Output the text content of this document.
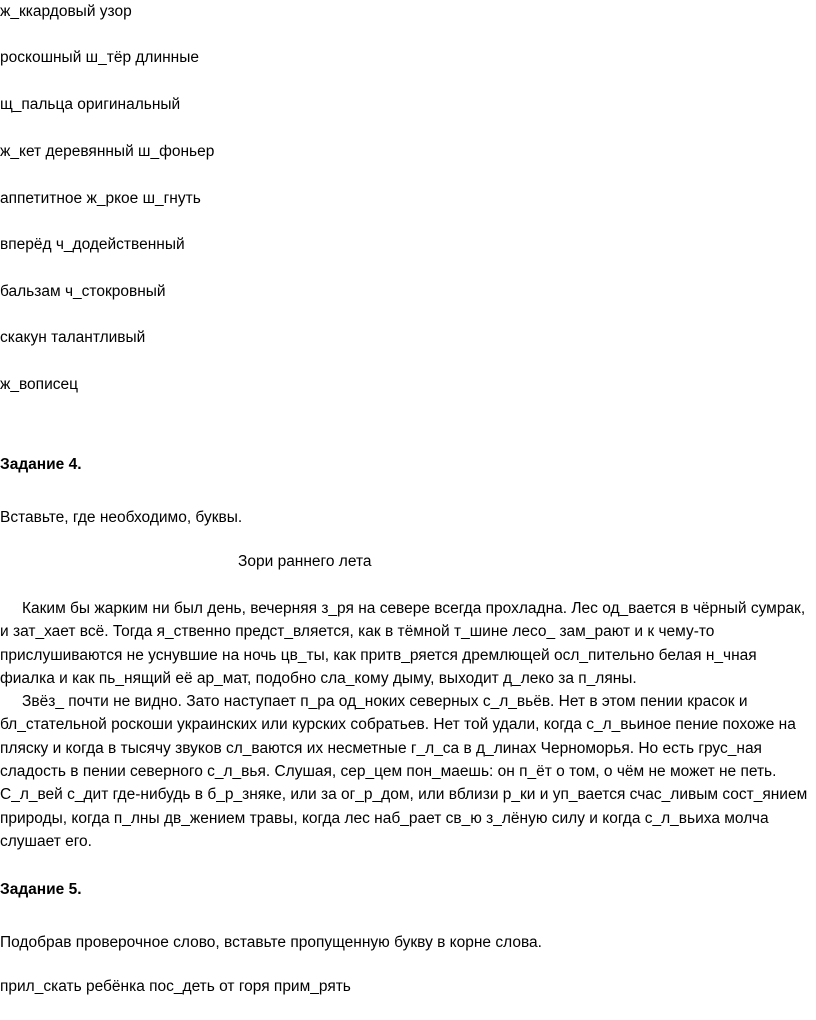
ж_ккардовый узор
роскошный ш_тёр длинные
щ_пальца оригинальный
ж_кет деревянный ш_фоньер
аппетитное ж_ркое ш_гнуть
вперёд ч_додейственный
бальзам ч_стокровный
скакун талантливый
ж_вописец
Задание 4.
Вставьте, где необходимо, буквы.
Зори раннего лета

Каким бы жарким ни был день, вечерняя з_ря на севере всегда прохладна. Лес од_вается в чёрный сумрак, и зат_хает всё. Тогда я_ственно предст_вляется, как в тёмной т_шине лесо_ зам_рают и к чему-то прислушиваются не уснувшие на ночь цв_ты, как притв_ряется дремлющей осл_пительно белая н_чная фиалка и как пь_нящий её ар_мат, подобно сла_кому дыму, выходит д_леко за п_ляны.

Звёз_ почти не видно. Зато наступает п_ра од_ноких северных с_л_вьёв. Нет в этом пении красок и бл_стательной роскоши украинских или курских собратьев. Нет той удали, когда с_л_вьиное пение похоже на пляску и когда в тысячу звуков сл_ваются их несметные г_л_са в д_линах Черноморья. Но есть грус_ная сладость в пении северного с_л_вья. Слушая, сер_цем пон_маешь: он п_ёт о том, о чём не может не петь. С_л_вей с_дит где-нибудь в б_р_зняке, или за ог_р_дом, или вблизи р_ки и уп_вается счас_ливым сост_янием природы, когда п_лны дв_жением травы, когда лес наб_рает св_ю з_лёную силу и когда с_л_вьиха молча слушает его.

Задание 5.
Подобрав проверочное слово, вставьте пропущенную букву в корне слова.
прил_скать ребёнка пос_деть от горя прим_рять
